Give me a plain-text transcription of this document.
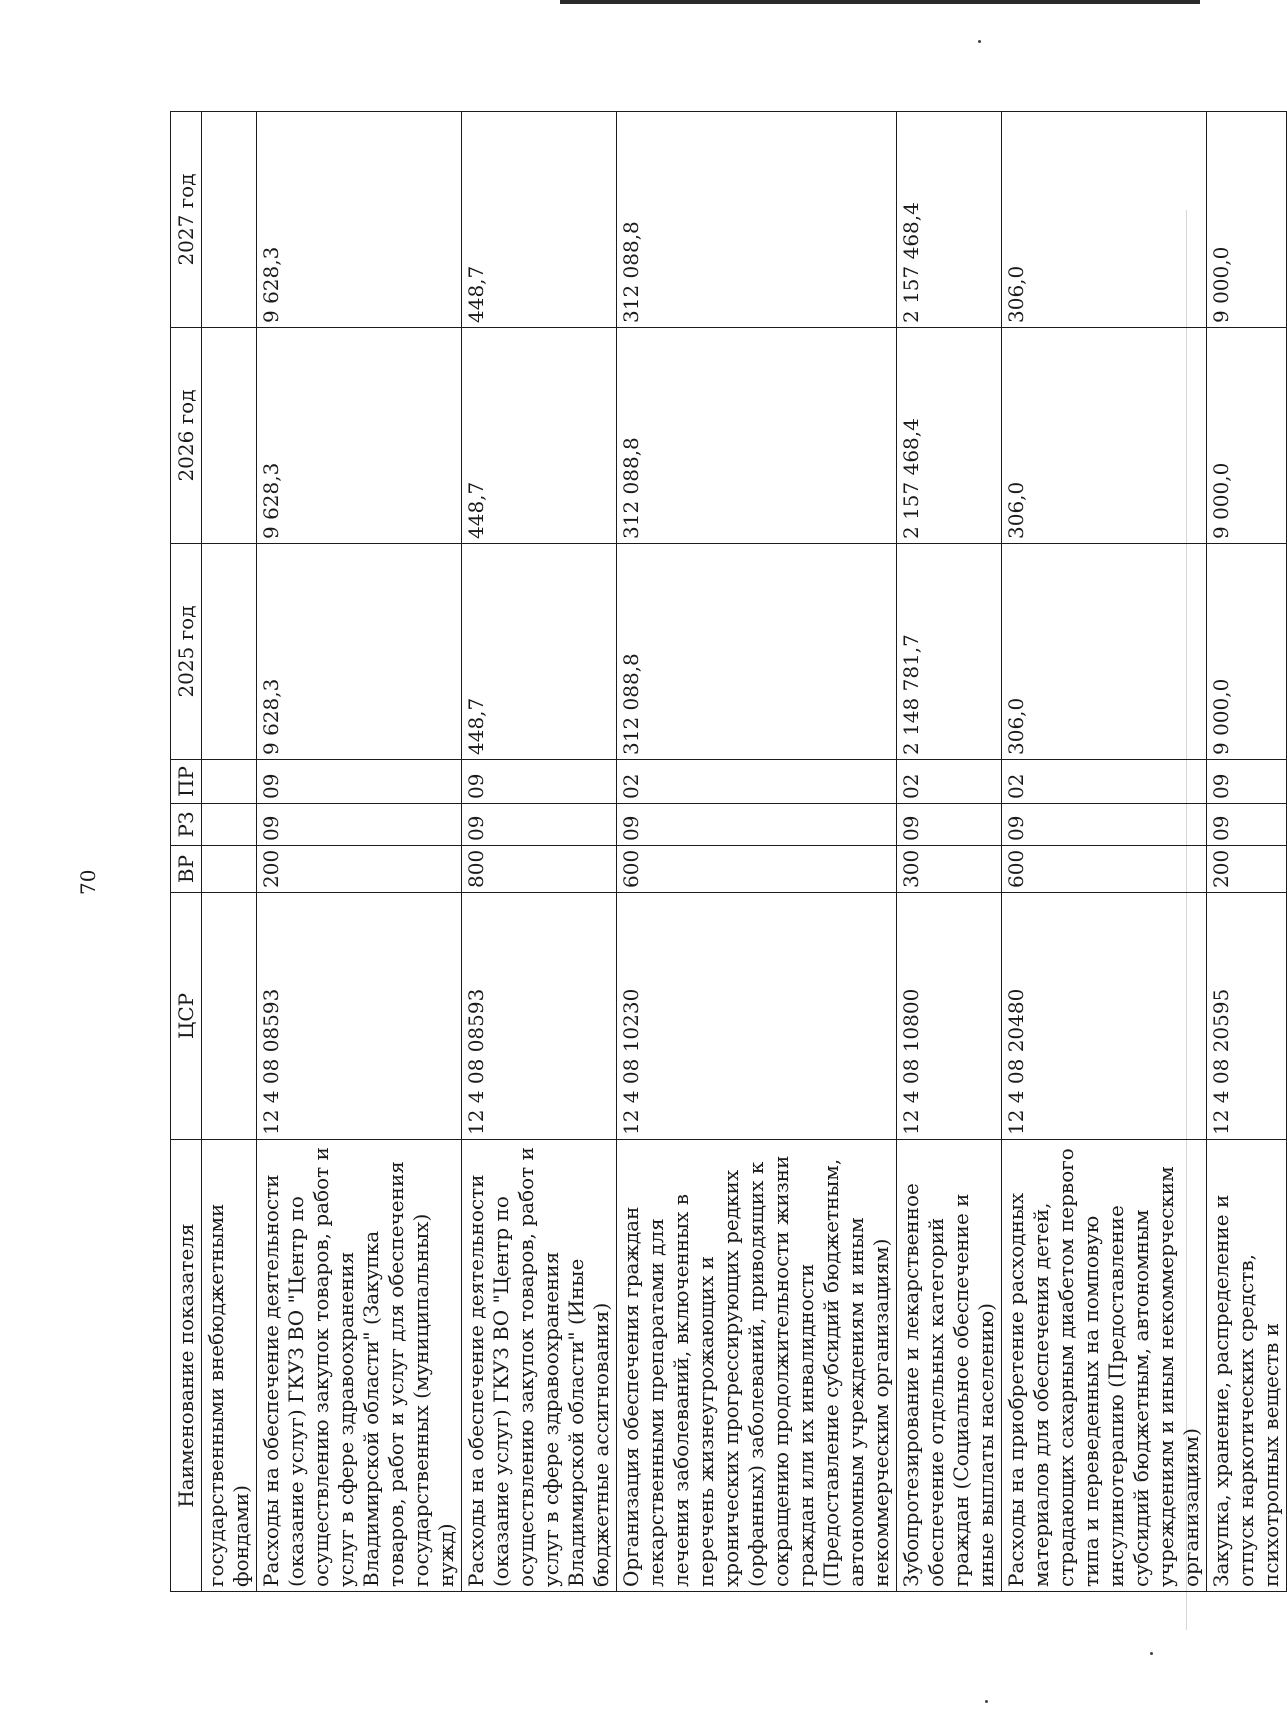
70
Наименование показателя	ЦСР	ВР	РЗ	ПР	2025 год	2026 год	2027 год
государственными внебюджетными фондами)							
Расходы на обеспечение деятельности (оказание услуг) ГКУЗ ВО "Центр по осуществлению закупок товаров, работ и услуг в сфере здравоохранения Владимирской области" (Закупка товаров, работ и услуг для обеспечения государственных (муниципальных) нужд)	12 4 08 08593	200	09	09	9 628,3	9 628,3	9 628,3
Расходы на обеспечение деятельности (оказание услуг) ГКУЗ ВО "Центр по осуществлению закупок товаров, работ и услуг в сфере здравоохранения Владимирской области" (Иные бюджетные ассигнования)	12 4 08 08593	800	09	09	448,7	448,7	448,7
Организация обеспечения граждан лекарственными препаратами для лечения заболеваний, включенных в перечень жизнеугрожающих и хронических прогрессирующих редких (орфанных) заболеваний, приводящих к сокращению продолжительности жизни граждан или их инвалидности (Предоставление субсидий бюджетным, автономным учреждениям и иным некоммерческим организациям)	12 4 08 10230	600	09	02	312 088,8	312 088,8	312 088,8
Зубопротезирование и лекарственное обеспечение отдельных категорий граждан (Социальное обеспечение и иные выплаты населению)	12 4 08 10800	300	09	02	2 148 781,7	2 157 468,4	2 157 468,4
Расходы на приобретение расходных материалов для обеспечения детей, страдающих сахарным диабетом первого типа и переведенных на помповую инсулинотерапию (Предоставление субсидий бюджетным, автономным учреждениям и иным некоммерческим организациям)	12 4 08 20480	600	09	02	306,0	306,0	306,0
Закупка, хранение, распределение и отпуск наркотических средств, психотропных веществ и	12 4 08 20595	200	09	09	9 000,0	9 000,0	9 000,0
